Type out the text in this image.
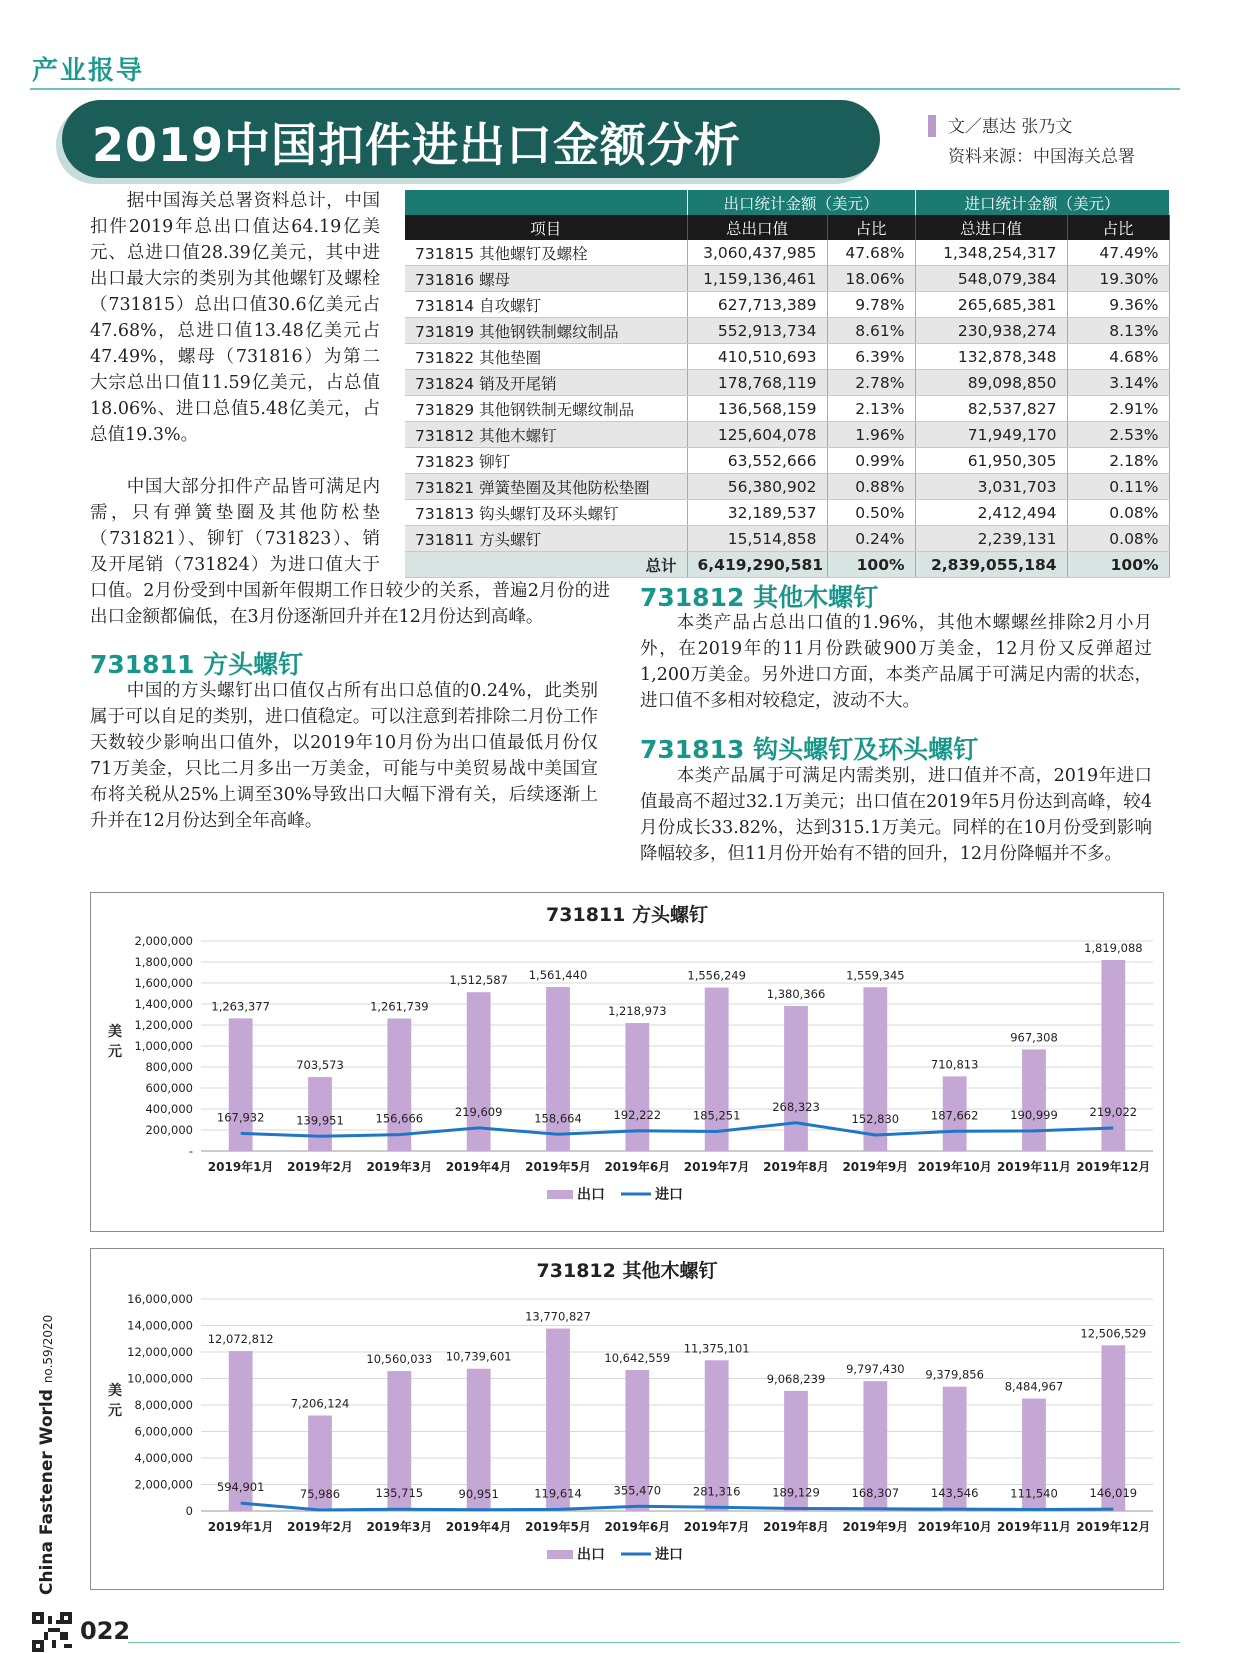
产业报导
2019中国扣件进出口金额分析	文／惠达 张乃文
资料来源：中国海关总署

据中国海关总署资料总计，中国扣件2019年总出口值达64.19亿美元、总进口值28.39亿美元，其中进出口最大宗的类别为其他螺钉及螺栓（731815）总出口值30.6亿美元占47.68%，总进口值13.48亿美元占47.49%，螺母（731816）为第二大宗总出口值11.59亿美元，占总值18.06%、进口总值5.48亿美元，占总值19.3%。

中国大部分扣件产品皆可满足内需，只有弹簧垫圈及其他防松垫（731821）、铆钉（731823）、销及开尾销（731824）为进口值大于

口值。2月份受到中国新年假期工作日较少的关系，普遍2月份的进出口金额都偏低，在3月份逐渐回升并在12月份达到高峰。

	出口统计金额（美元）		进口统计金额（美元）	
项目	总出口值	占比	总进口值	占比
731815 其他螺钉及螺栓	3,060,437,985	47.68%	1,348,254,317	47.49%
731816 螺母	1,159,136,461	18.06%	548,079,384	19.30%
731814 自攻螺钉	627,713,389	9.78%	265,685,381	9.36%
731819 其他钢铁制螺纹制品	552,913,734	8.61%	230,938,274	8.13%
731822 其他垫圈	410,510,693	6.39%	132,878,348	4.68%
731824 销及开尾销	178,768,119	2.78%	89,098,850	3.14%
731829 其他钢铁制无螺纹制品	136,568,159	2.13%	82,537,827	2.91%
731812 其他木螺钉	125,604,078	1.96%	71,949,170	2.53%
731823 铆钉	63,552,666	0.99%	61,950,305	2.18%
731821 弹簧垫圈及其他防松垫圈	56,380,902	0.88%	3,031,703	0.11%
731813 钩头螺钉及环头螺钉	32,189,537	0.50%	2,412,494	0.08%
731811 方头螺钉	15,514,858	0.24%	2,239,131	0.08%
总计	6,419,290,581	100%	2,839,055,184	100%
731812 其他木螺钉

本类产品占总出口值的1.96%，其他木螺螺丝排除2月小月外，在2019年的11月份跌破900万美金，12月份又反弹超过1,200万美金。另外进口方面，本类产品属于可满足内需的状态，进口值不多相对较稳定，波动不大。

731813 钩头螺钉及环头螺钉

本类产品属于可满足内需类别，进口值并不高，2019年进口值最高不超过32.1万美元；出口值在2019年5月份达到高峰，较4月份成长33.82%，达到315.1万美元。同样的在10月份受到影响降幅较多，但11月份开始有不错的回升，12月份降幅并不多。

731811 方头螺钉

中国的方头螺钉出口值仅占所有出口总值的0.24%，此类别属于可以自足的类别，进口值稳定。可以注意到若排除二月份工作天数较少影响出口值外，以2019年10月份为出口值最低月份仅71万美金，只比二月多出一万美金，可能与中美贸易战中美国宣布将关税从25%上调至30%导致出口大幅下滑有关，后续逐渐上升并在12月份达到全年高峰。

731811 方头螺钉
2,000,000
1,800,000
1,600,000
1,400,000
1,200,000
1,000,000
800,000
600,000
400,000
200,000
-
美
元
1,263,377
703,573
1,261,739
1,512,587 1,561,440
1,218,973
1,556,249
1,380,366
1,559,345
710,813
967,308
1,819,088
167,932	139,951	156,666	219,609	158,664	192,222	185,251
268,323
152,830	187,662	190,999	219,022
2019年1月 2019年2月 2019年3月 2019年4月 2019年5月 2019年6月 2019年7月 2019年8月 2019年9月 2019年10月 2019年11月 2019年12月
出口	进口
731812 其他木螺钉
16,000,000
14,000,000
12,000,000
10,000,000
8,000,000
6,000,000
4,000,000
2,000,000
0
美
元
12,072,812
7,206,124
10,560,033 10,739,601
13,770,827
10,642,559
11,375,101
9,068,239
9,797,430 9,379,856
8,484,967
12,506,529
594,901	75,986	135,715	90,951	119,614	355,470	281,316	189,129	168,307	143,546	111,540	146,019
2019年1月 2019年2月 2019年3月 2019年4月 2019年5月 2019年6月 2019年7月 2019年8月 2019年9月 2019年10月 2019年11月 2019年12月
出口	进口
China Fastener World no.59/2020
022
